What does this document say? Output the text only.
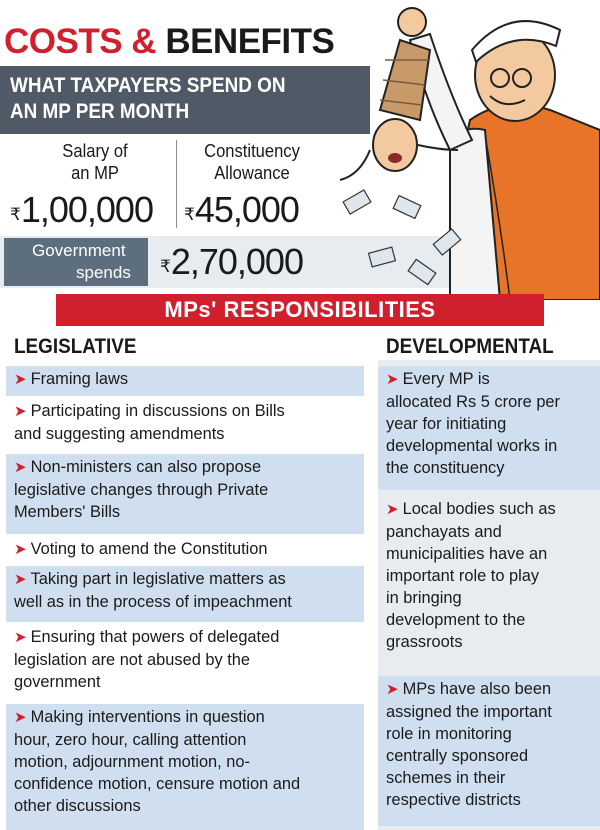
COSTS & BENEFITS
WHAT TAXPAYERS SPEND ON
AN MP PER MONTH
Salary of
an MP
₹1,00,000
Constituency
Allowance
₹45,000
Government
spends ₹2,70,000
MPs' RESPONSIBILITIES
LEGISLATIVE	DEVELOPMENTAL
➤ Framing laws
➤ Participating in discussions on Bills
and suggesting amendments
➤ Non-ministers can also propose
legislative changes through Private
Members' Bills
➤ Voting to amend the Constitution
➤ Taking part in legislative matters as
well as in the process of impeachment
➤ Ensuring that powers of delegated
legislation are not abused by the
government
➤ Making interventions in question
hour, zero hour, calling attention
motion, adjournment motion, no-
confidence motion, censure motion and
other discussions
➤ Every MP is
allocated Rs 5 crore per
year for initiating
developmental works in
the constituency
➤ Local bodies such as
panchayats and
municipalities have an
important role to play
in bringing
development to the
grassroots
➤ MPs have also been
assigned the important
role in monitoring
centrally sponsored
schemes in their
respective districts
